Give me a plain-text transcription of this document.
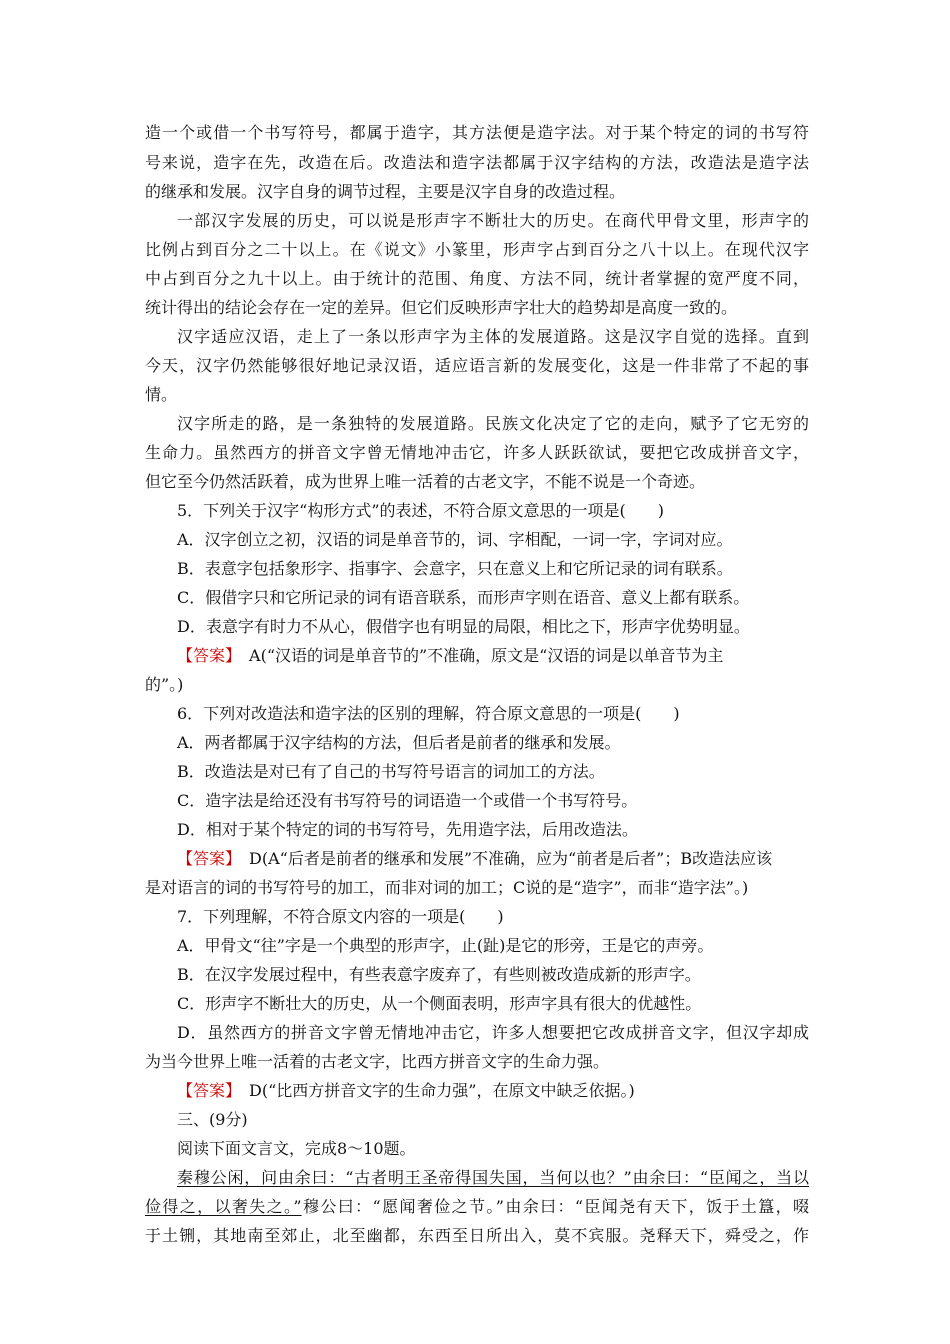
造一个或借一个书写符号，都属于造字，其方法便是造字法。对于某个特定的词的书写符
号来说，造字在先，改造在后。改造法和造字法都属于汉字结构的方法，改造法是造字法
的继承和发展。汉字自身的调节过程，主要是汉字自身的改造过程。
一部汉字发展的历史，可以说是形声字不断壮大的历史。在商代甲骨文里，形声字的
比例占到百分之二十以上。在《说文》小篆里，形声字占到百分之八十以上。在现代汉字
中占到百分之九十以上。由于统计的范围、角度、方法不同，统计者掌握的宽严度不同，
统计得出的结论会存在一定的差异。但它们反映形声字壮大的趋势却是高度一致的。
汉字适应汉语，走上了一条以形声字为主体的发展道路。这是汉字自觉的选择。直到
今天，汉字仍然能够很好地记录汉语，适应语言新的发展变化，这是一件非常了不起的事
情。
汉字所走的路，是一条独特的发展道路。民族文化决定了它的走向，赋予了它无穷的
生命力。虽然西方的拼音文字曾无情地冲击它，许多人跃跃欲试，要把它改成拼音文字，
但它至今仍然活跃着，成为世界上唯一活着的古老文字，不能不说是一个奇迹。
5．下列关于汉字“构形方式”的表述，不符合原文意思的一项是(　　)
A．汉字创立之初，汉语的词是单音节的，词、字相配，一词一字，字词对应。
B．表意字包括象形字、指事字、会意字，只在意义上和它所记录的词有联系。
C．假借字只和它所记录的词有语音联系，而形声字则在语音、意义上都有联系。
D．表意字有时力不从心，假借字也有明显的局限，相比之下，形声字优势明显。
【答案】　A(“汉语的词是单音节的”不准确，原文是“汉语的词是以单音节为主
的”。)
6．下列对改造法和造字法的区别的理解，符合原文意思的一项是(　　)
A．两者都属于汉字结构的方法，但后者是前者的继承和发展。
B．改造法是对已有了自己的书写符号语言的词加工的方法。
C．造字法是给还没有书写符号的词语造一个或借一个书写符号。
D．相对于某个特定的词的书写符号，先用造字法，后用改造法。
【答案】　D(A“后者是前者的继承和发展”不准确，应为“前者是后者”；B改造法应该
是对语言的词的书写符号的加工，而非对词的加工；C说的是“造字”，而非“造字法”。)
7．下列理解，不符合原文内容的一项是(　　)
A．甲骨文“往”字是一个典型的形声字，止(趾)是它的形旁，王是它的声旁。
B．在汉字发展过程中，有些表意字废弃了，有些则被改造成新的形声字。
C．形声字不断壮大的历史，从一个侧面表明，形声字具有很大的优越性。
D．虽然西方的拼音文字曾无情地冲击它，许多人想要把它改成拼音文字，但汉字却成
为当今世界上唯一活着的古老文字，比西方拼音文字的生命力强。
【答案】　D(“比西方拼音文字的生命力强”，在原文中缺乏依据。)
三、(9分)
阅读下面文言文，完成8～10题。
秦穆公闲，问由余曰：“古者明王圣帝得国失国，当何以也？”由余曰：“臣闻之，当以
俭得之，以奢失之。”穆公曰：“愿闻奢俭之节。”由余曰：“臣闻尧有天下，饭于土簋，啜
于土铏，其地南至郊止，北至幽都，东西至日所出入，莫不宾服。尧释天下，舜受之，作
